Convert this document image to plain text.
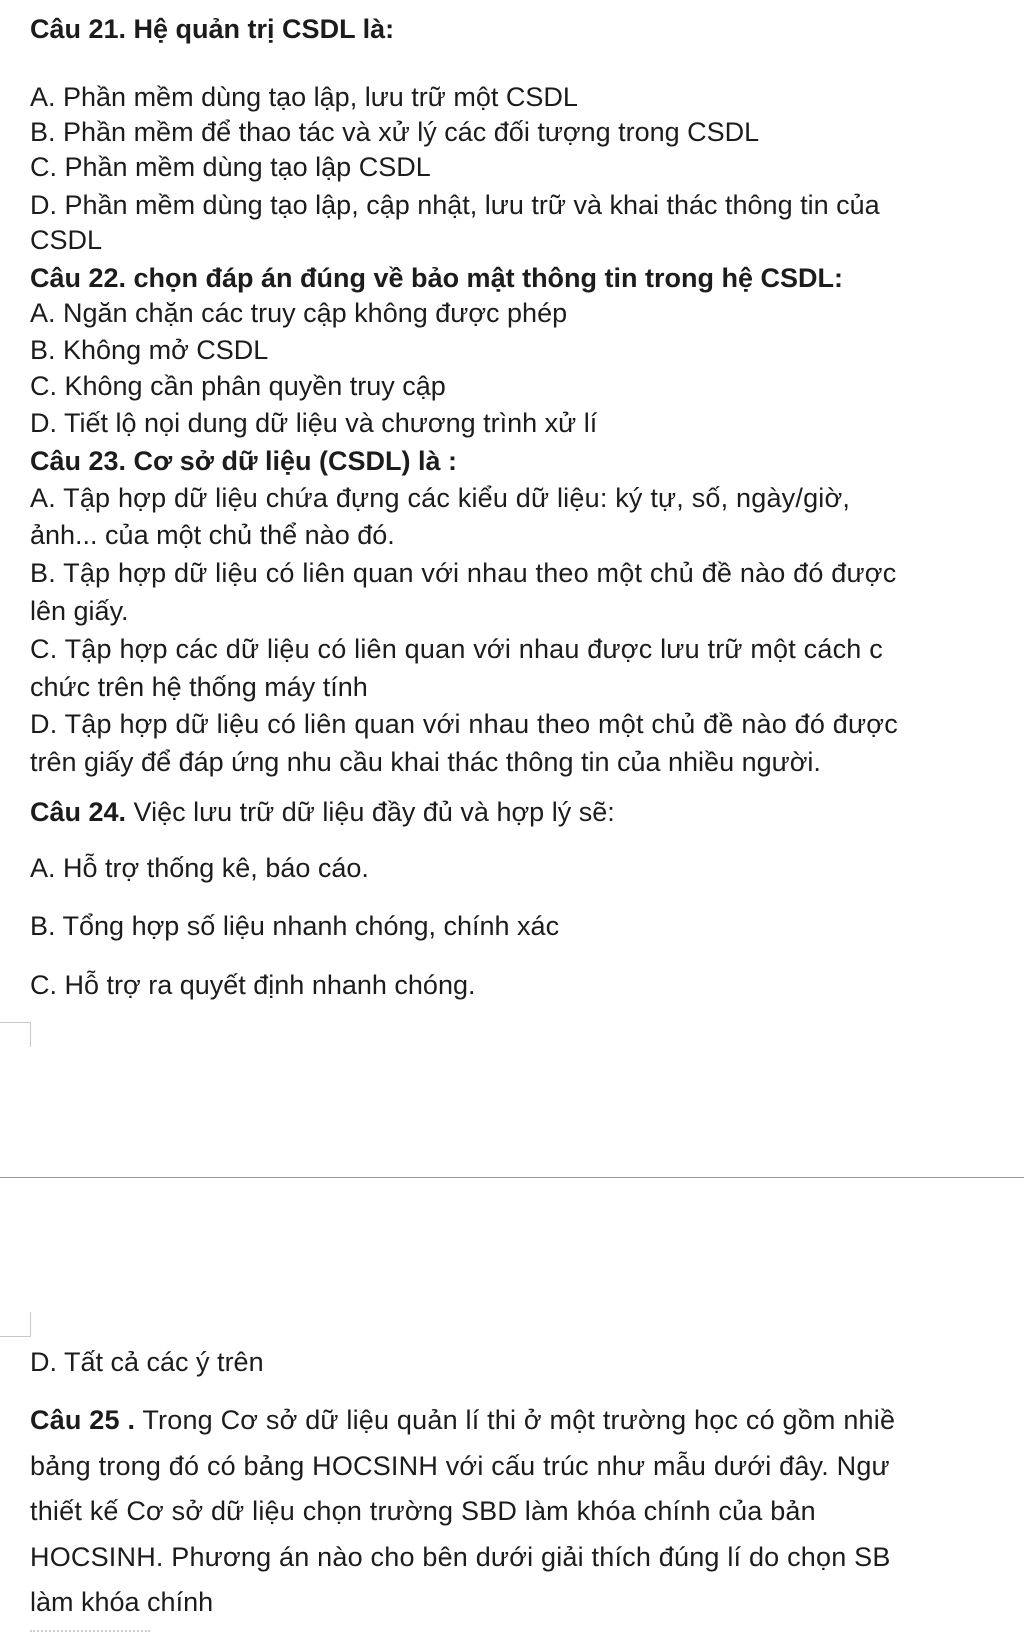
Câu 21. Hệ quản trị CSDL là:
A. Phần mềm dùng tạo lập, lưu trữ một CSDL
B. Phần mềm để thao tác và xử lý các đối tượng trong CSDL
C. Phần mềm dùng tạo lập CSDL
D. Phần mềm dùng tạo lập, cập nhật, lưu trữ và khai thác thông tin của
CSDL
Câu 22. chọn đáp án đúng về bảo mật thông tin trong hệ CSDL:
A. Ngăn chặn các truy cập không được phép
B. Không mở CSDL
C. Không cần phân quyền truy cập
D. Tiết lộ nọi dung dữ liệu và chương trình xử lí
Câu 23. Cơ sở dữ liệu (CSDL) là :
A. Tập hợp dữ liệu chứa đựng các kiểu dữ liệu: ký tự, số, ngày/giờ,
ảnh... của một chủ thể nào đó.
B. Tập hợp dữ liệu có liên quan với nhau theo một chủ đề nào đó được
lên giấy.
C. Tập hợp các dữ liệu có liên quan với nhau được lưu trữ một cách c
chức trên hệ thống máy tính
D. Tập hợp dữ liệu có liên quan với nhau theo một chủ đề nào đó được
trên giấy để đáp ứng nhu cầu khai thác thông tin của nhiều người.
Câu 24. Việc lưu trữ dữ liệu đầy đủ và hợp lý sẽ:
A. Hỗ trợ thống kê, báo cáo.
B. Tổng hợp số liệu nhanh chóng, chính xác
C. Hỗ trợ ra quyết định nhanh chóng.
D. Tất cả các ý trên
Câu 25 . Trong Cơ sở dữ liệu quản lí thi ở một trường học có gồm nhiề
bảng trong đó có bảng HOCSINH với cấu trúc như mẫu dưới đây. Ngư
thiết kế Cơ sở dữ liệu chọn trường SBD làm khóa chính của bản
HOCSINH. Phương án nào cho bên dưới giải thích đúng lí do chọn SB
làm khóa chính
